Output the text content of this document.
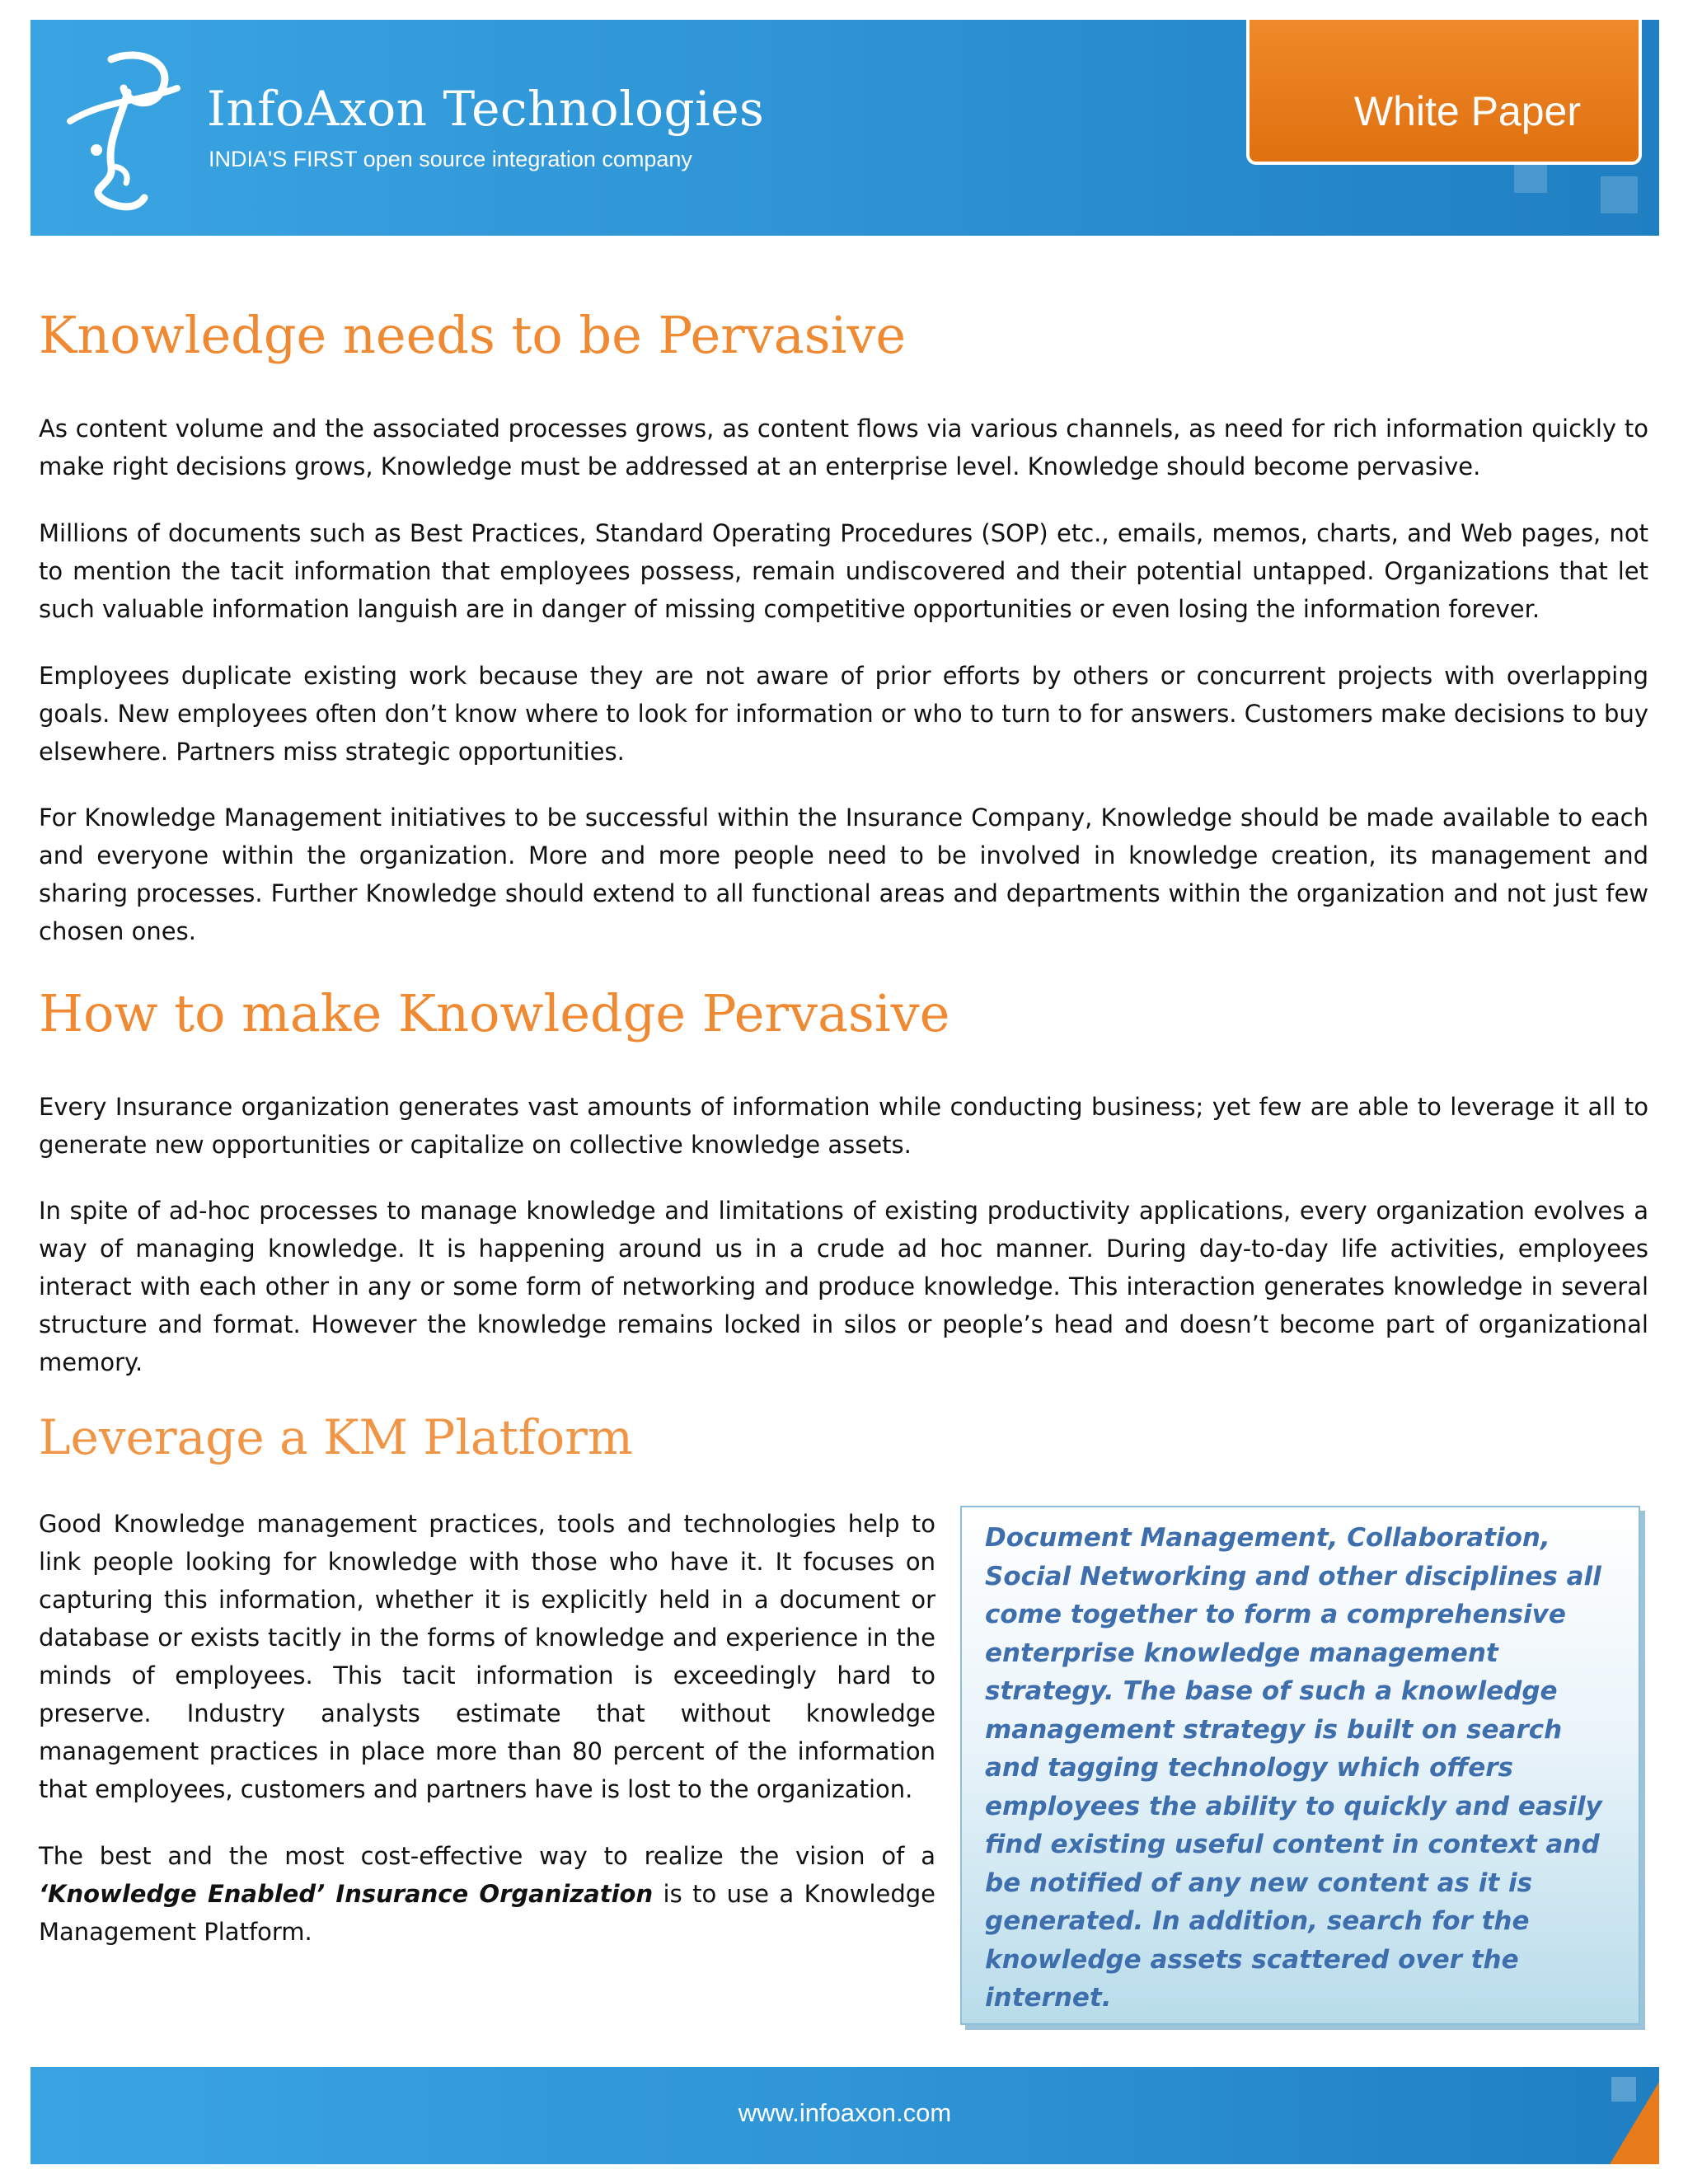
InfoAxon Technologies
INDIA'S FIRST open source integration company
White Paper
Knowledge needs to be Pervasive

As content volume and the associated processes grows, as content flows via various channels, as need for rich information quickly to make right decisions grows, Knowledge must be addressed at an enterprise level. Knowledge should become pervasive.

Millions of documents such as Best Practices, Standard Operating Procedures (SOP) etc., emails, memos, charts, and Web pages, not to mention the tacit information that employees possess, remain undiscovered and their potential untapped. Organizations that let such valuable information languish are in danger of missing competitive opportunities or even losing the information forever.

Employees duplicate existing work because they are not aware of prior efforts by others or concurrent projects with overlapping goals. New employees often don’t know where to look for information or who to turn to for answers. Customers make decisions to buy elsewhere. Partners miss strategic opportunities.

For Knowledge Management initiatives to be successful within the Insurance Company, Knowledge should be made available to each and everyone within the organization. More and more people need to be involved in knowledge creation, its management and sharing processes. Further Knowledge should extend to all functional areas and departments within the organization and not just few chosen ones.

How to make Knowledge Pervasive

Every Insurance organization generates vast amounts of information while conducting business; yet few are able to leverage it all to generate new opportunities or capitalize on collective knowledge assets.

In spite of ad-hoc processes to manage knowledge and limitations of existing productivity applications, every organization evolves a way of managing knowledge. It is happening around us in a crude ad hoc manner. During day-to-day life activities, employees interact with each other in any or some form of networking and produce knowledge. This interaction generates knowledge in several structure and format. However the knowledge remains locked in silos or people’s head and doesn’t become part of organizational memory.

Leverage a KM Platform

Good Knowledge management practices, tools and technologies help to link people looking for knowledge with those who have it. It focuses on capturing this information, whether it is explicitly held in a document or database or exists tacitly in the forms of knowledge and experience in the minds of employees. This tacit information is exceedingly hard to preserve. Industry analysts estimate that without knowledge management practices in place more than 80 percent of the information that employees, customers and partners have is lost to the organization.

The best and the most cost-effective way to realize the vision of a ‘Knowledge Enabled’ Insurance Organization is to use a Knowledge Management Platform.

Document Management, Collaboration, Social Networking and other disciplines all come together to form a comprehensive enterprise knowledge management strategy. The base of such a knowledge management strategy is built on search and tagging technology which offers employees the ability to quickly and easily find existing useful content in context and be notified of any new content as it is generated. In addition, search for the knowledge assets scattered over the internet.
www.infoaxon.com
